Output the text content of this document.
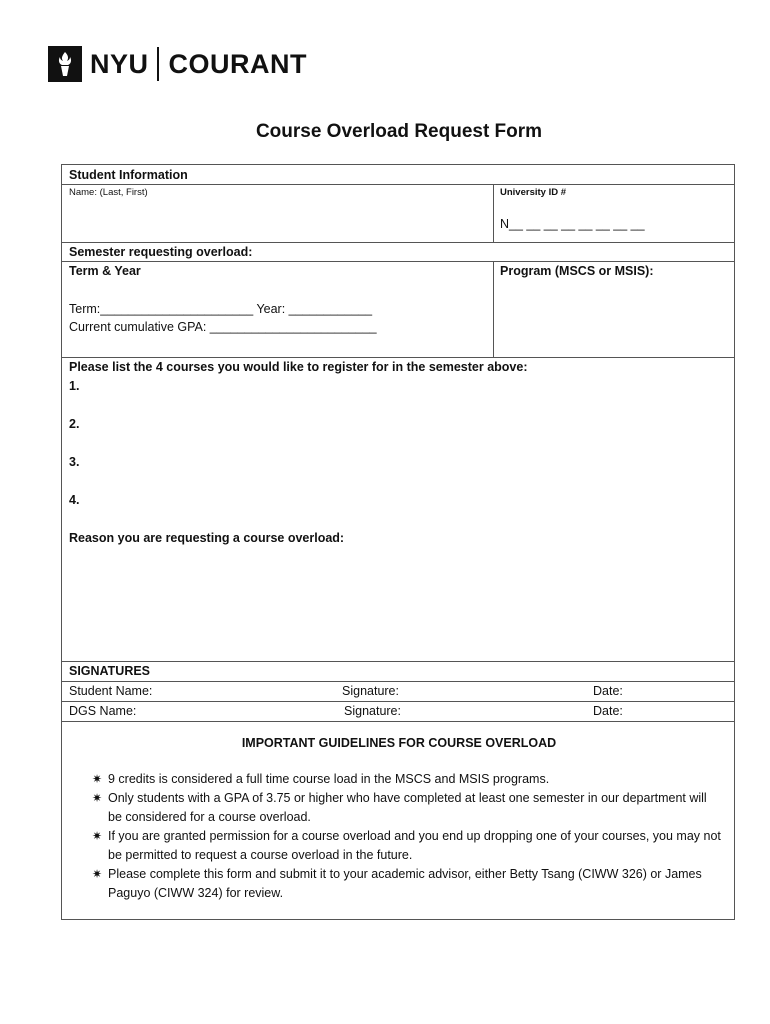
NYU COURANT
Course Overload Request Form
Student Information
Name: (Last, First)	University ID #
N__ __ __ __ __ __ __ __
Semester requesting overload:
Term & Year	Program (MSCS or MSIS):
Term:______________________ Year: ____________
Current cumulative GPA: ________________________
Please list the 4 courses you would like to register for in the semester above:
1.
2.
3.
4.
Reason you are requesting a course overload:
SIGNATURES
Student Name:	Signature:	Date:
DGS Name:	Signature:	Date:
IMPORTANT GUIDELINES FOR COURSE OVERLOAD
✷ 9 credits is considered a full time course load in the MSCS and MSIS programs.
✷ Only students with a GPA of 3.75 or higher who have completed at least one semester in our department will be considered for a course overload.
✷ If you are granted permission for a course overload and you end up dropping one of your courses, you may not be permitted to request a course overload in the future.
✷ Please complete this form and submit it to your academic advisor, either Betty Tsang (CIWW 326) or James Paguyo (CIWW 324) for review.
